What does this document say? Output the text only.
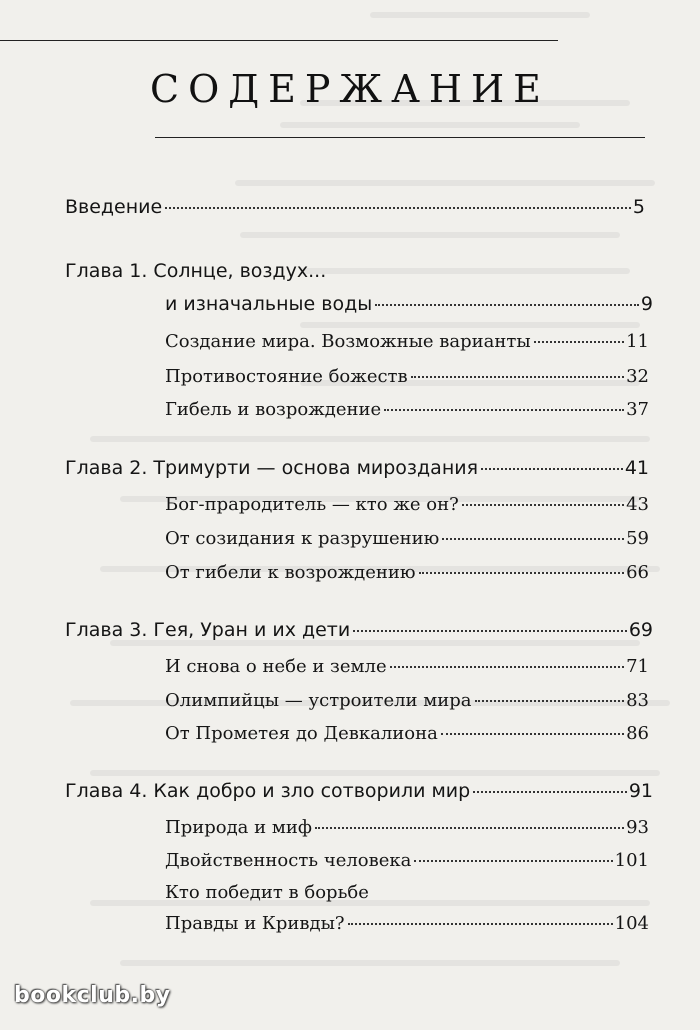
СОДЕРЖАНИЕ
Введение	5
Глава 1. Солнце, воздух...
и изначальные воды	9
Создание мира. Возможные варианты	11
Противостояние божеств	32
Гибель и возрождение	37
Глава 2. Тримурти — основа мироздания	41
Бог-прародитель — кто же он?	43
От созидания к разрушению	59
От гибели к возрождению	66
Глава 3. Гея, Уран и их дети	69
И снова о небе и земле	71
Олимпийцы — устроители мира	83
От Прометея до Девкалиона	86
Глава 4. Как добро и зло сотворили мир	91
Природа и миф	93
Двойственность человека	101
Кто победит в борьбе
Правды и Кривды?	104
bookclub.by
